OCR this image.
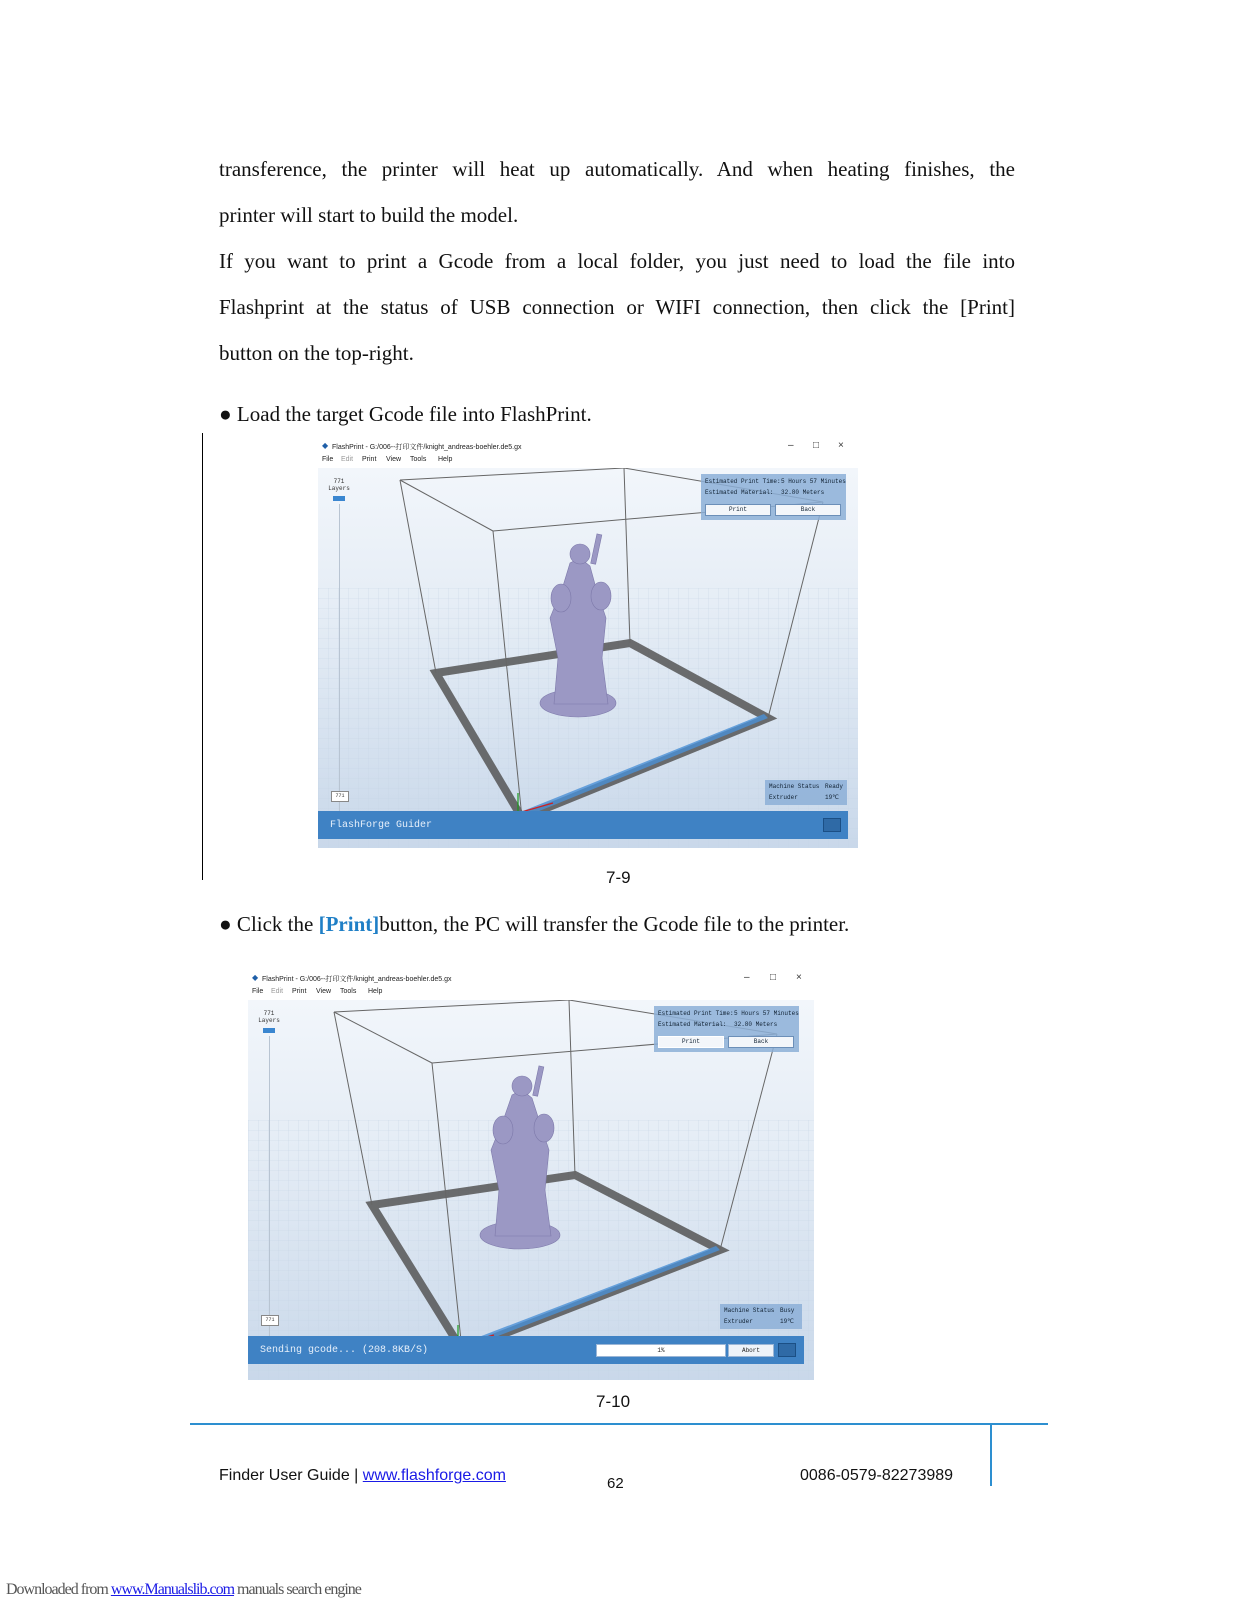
transference, the printer will heat up automatically. And when heating finishes, the
printer will start to build the model.
If you want to print a Gcode from a local folder, you just need to load the file into
Flashprint at the status of USB connection or WIFI connection, then click the [Print]
button on the top-right.
● Load the target Gcode file into FlashPrint.
◆ FlashPrint - G:/006--打印文件/knight_andreas-boehler.de5.gx	– □ ×
File Edit Print View Tools Help
771
Layers
771
Estimated Print Time: 5 Hours 57 Minutes
Estimated Material: 32.80 Meters
Print	Back
Machine Status Ready
Extruder	19℃
FlashForge Guider
7-9
● Click the [Print]button, the PC will transfer the Gcode file to the printer.
◆ FlashPrint - G:/006--打印文件/knight_andreas-boehler.de5.gx	– □ ×
File Edit Print View Tools Help
771
Layers
771
Estimated Print Time: 5 Hours 57 Minutes
Estimated Material: 32.80 Meters
Print	Back
Machine Status Busy
Extruder	19℃
Sending gcode... (208.8KB/S)	1%	Abort
7-10
Finder User Guide | www.flashforge.com	62	0086-0579-82273989
Downloaded from www.Manualslib.com manuals search engine
